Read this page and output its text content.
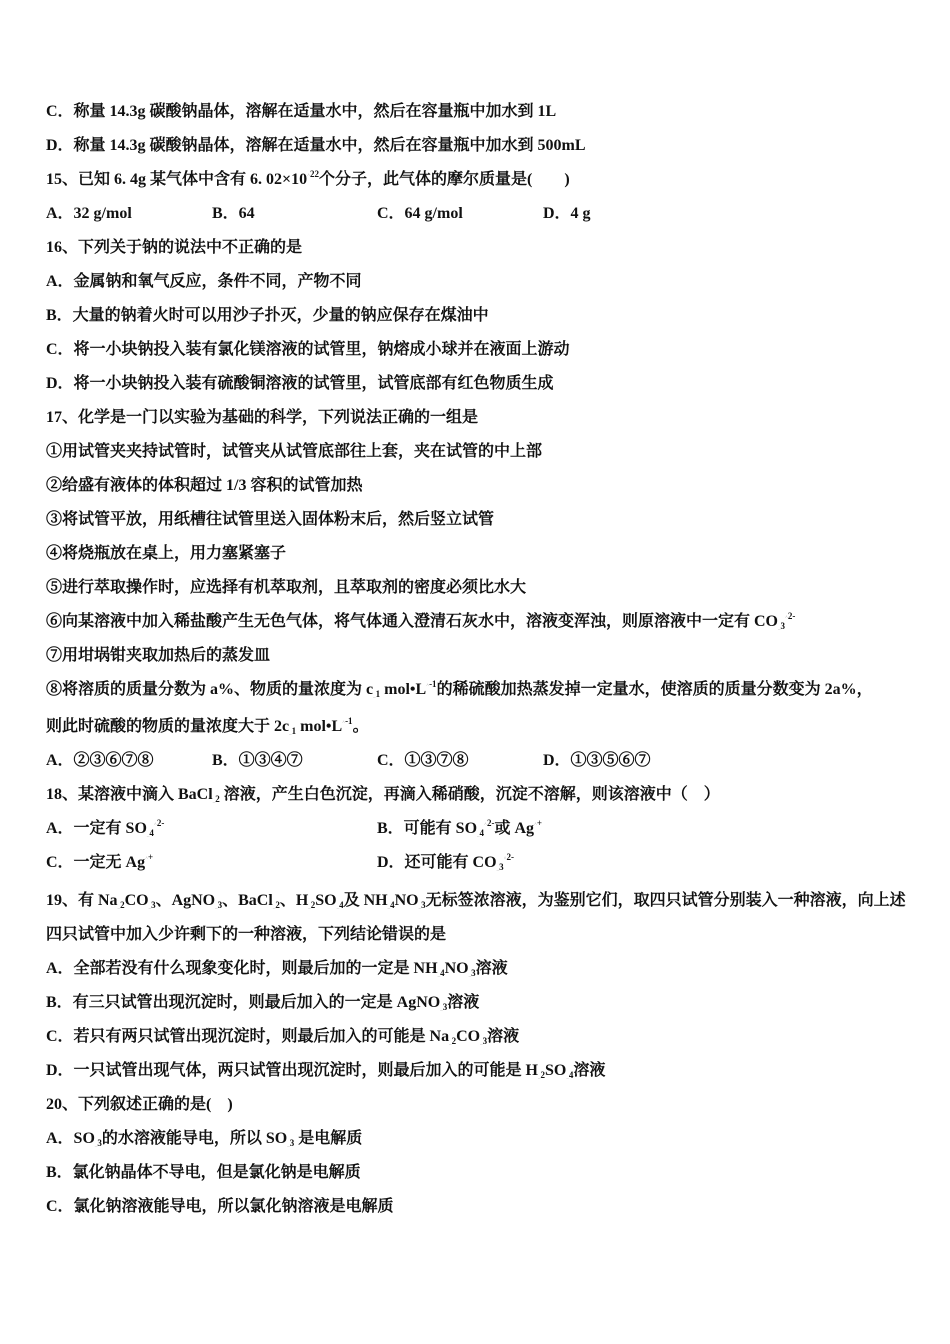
C．称量 14.3g 碳酸钠晶体，溶解在适量水中，然后在容量瓶中加水到 1L
D．称量 14.3g 碳酸钠晶体，溶解在适量水中，然后在容量瓶中加水到 500mL
15、已知 6. 4g 某气体中含有 6. 02×10^22个分子，此气体的摩尔质量是(　　)
A．32 g/mol	B．64	C．64 g/mol	D．4 g
16、下列关于钠的说法中不正确的是
A．金属钠和氧气反应，条件不同，产物不同
B．大量的钠着火时可以用沙子扑灭，少量的钠应保存在煤油中
C．将一小块钠投入装有氯化镁溶液的试管里，钠熔成小球并在液面上游动
D．将一小块钠投入装有硫酸铜溶液的试管里，试管底部有红色物质生成
17、化学是一门以实验为基础的科学，下列说法正确的一组是
①用试管夹夹持试管时，试管夹从试管底部往上套，夹在试管的中上部
②给盛有液体的体积超过 1/3 容积的试管加热
③将试管平放，用纸槽往试管里送入固体粉末后，然后竖立试管
④将烧瓶放在桌上，用力塞紧塞子
⑤进行萃取操作时，应选择有机萃取剂，且萃取剂的密度必须比水大
⑥向某溶液中加入稀盐酸产生无色气体，将气体通入澄清石灰水中，溶液变浑浊，则原溶液中一定有 CO_3^2-
⑦用坩埚钳夹取加热后的蒸发皿
⑧将溶质的质量分数为 a%、物质的量浓度为 c_1 mol•L^-1的稀硫酸加热蒸发掉一定量水，使溶质的质量分数变为 2a%，
则此时硫酸的物质的量浓度大于 2c_1 mol•L^-1。
A．②③⑥⑦⑧	B．①③④⑦	C．①③⑦⑧	D．①③⑤⑥⑦
18、某溶液中滴入 BaCl_2 溶液，产生白色沉淀，再滴入稀硝酸，沉淀不溶解，则该溶液中（　）
A．一定有 SO_4^2-	B．可能有 SO_4^2-或 Ag^+
C．一定无 Ag^+	D．还可能有 CO_3^2-
19、有 Na_2CO_3、AgNO_3、BaCl_2、H_2SO_4及 NH_4NO_3无标签浓溶液，为鉴别它们，取四只试管分别装入一种溶液，向上述
四只试管中加入少许剩下的一种溶液，下列结论错误的是
A．全部若没有什么现象变化时，则最后加的一定是 NH_4NO_3溶液
B．有三只试管出现沉淀时，则最后加入的一定是 AgNO_3溶液
C．若只有两只试管出现沉淀时，则最后加入的可能是 Na_2CO_3溶液
D．一只试管出现气体，两只试管出现沉淀时，则最后加入的可能是 H_2SO_4溶液
20、下列叙述正确的是(　)
A．SO_3的水溶液能导电，所以 SO_3 是电解质
B．氯化钠晶体不导电，但是氯化钠是电解质
C．氯化钠溶液能导电，所以氯化钠溶液是电解质
